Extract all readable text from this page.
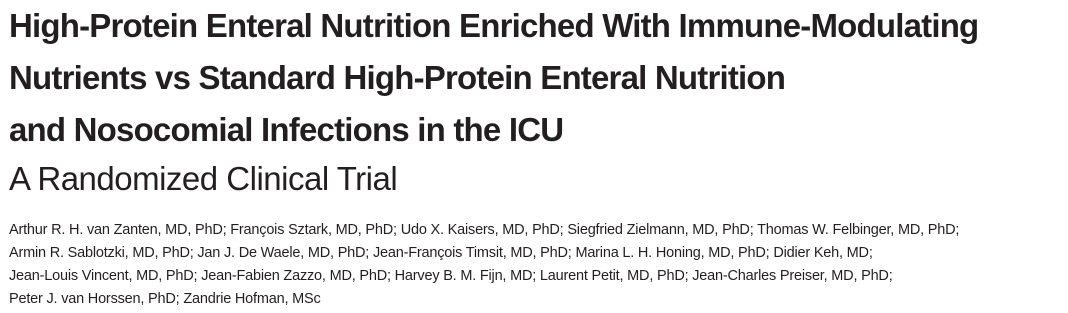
High-Protein Enteral Nutrition Enriched With Immune-Modulating
Nutrients vs Standard High-Protein Enteral Nutrition
and Nosocomial Infections in the ICU
A Randomized Clinical Trial

Arthur R. H. van Zanten, MD, PhD; François Sztark, MD, PhD; Udo X. Kaisers, MD, PhD; Siegfried Zielmann, MD, PhD; Thomas W. Felbinger, MD, PhD;
Armin R. Sablotzki, MD, PhD; Jan J. De Waele, MD, PhD; Jean-François Timsit, MD, PhD; Marina L. H. Honing, MD, PhD; Didier Keh, MD;
Jean-Louis Vincent, MD, PhD; Jean-Fabien Zazzo, MD, PhD; Harvey B. M. Fijn, MD; Laurent Petit, MD, PhD; Jean-Charles Preiser, MD, PhD;
Peter J. van Horssen, PhD; Zandrie Hofman, MSc
